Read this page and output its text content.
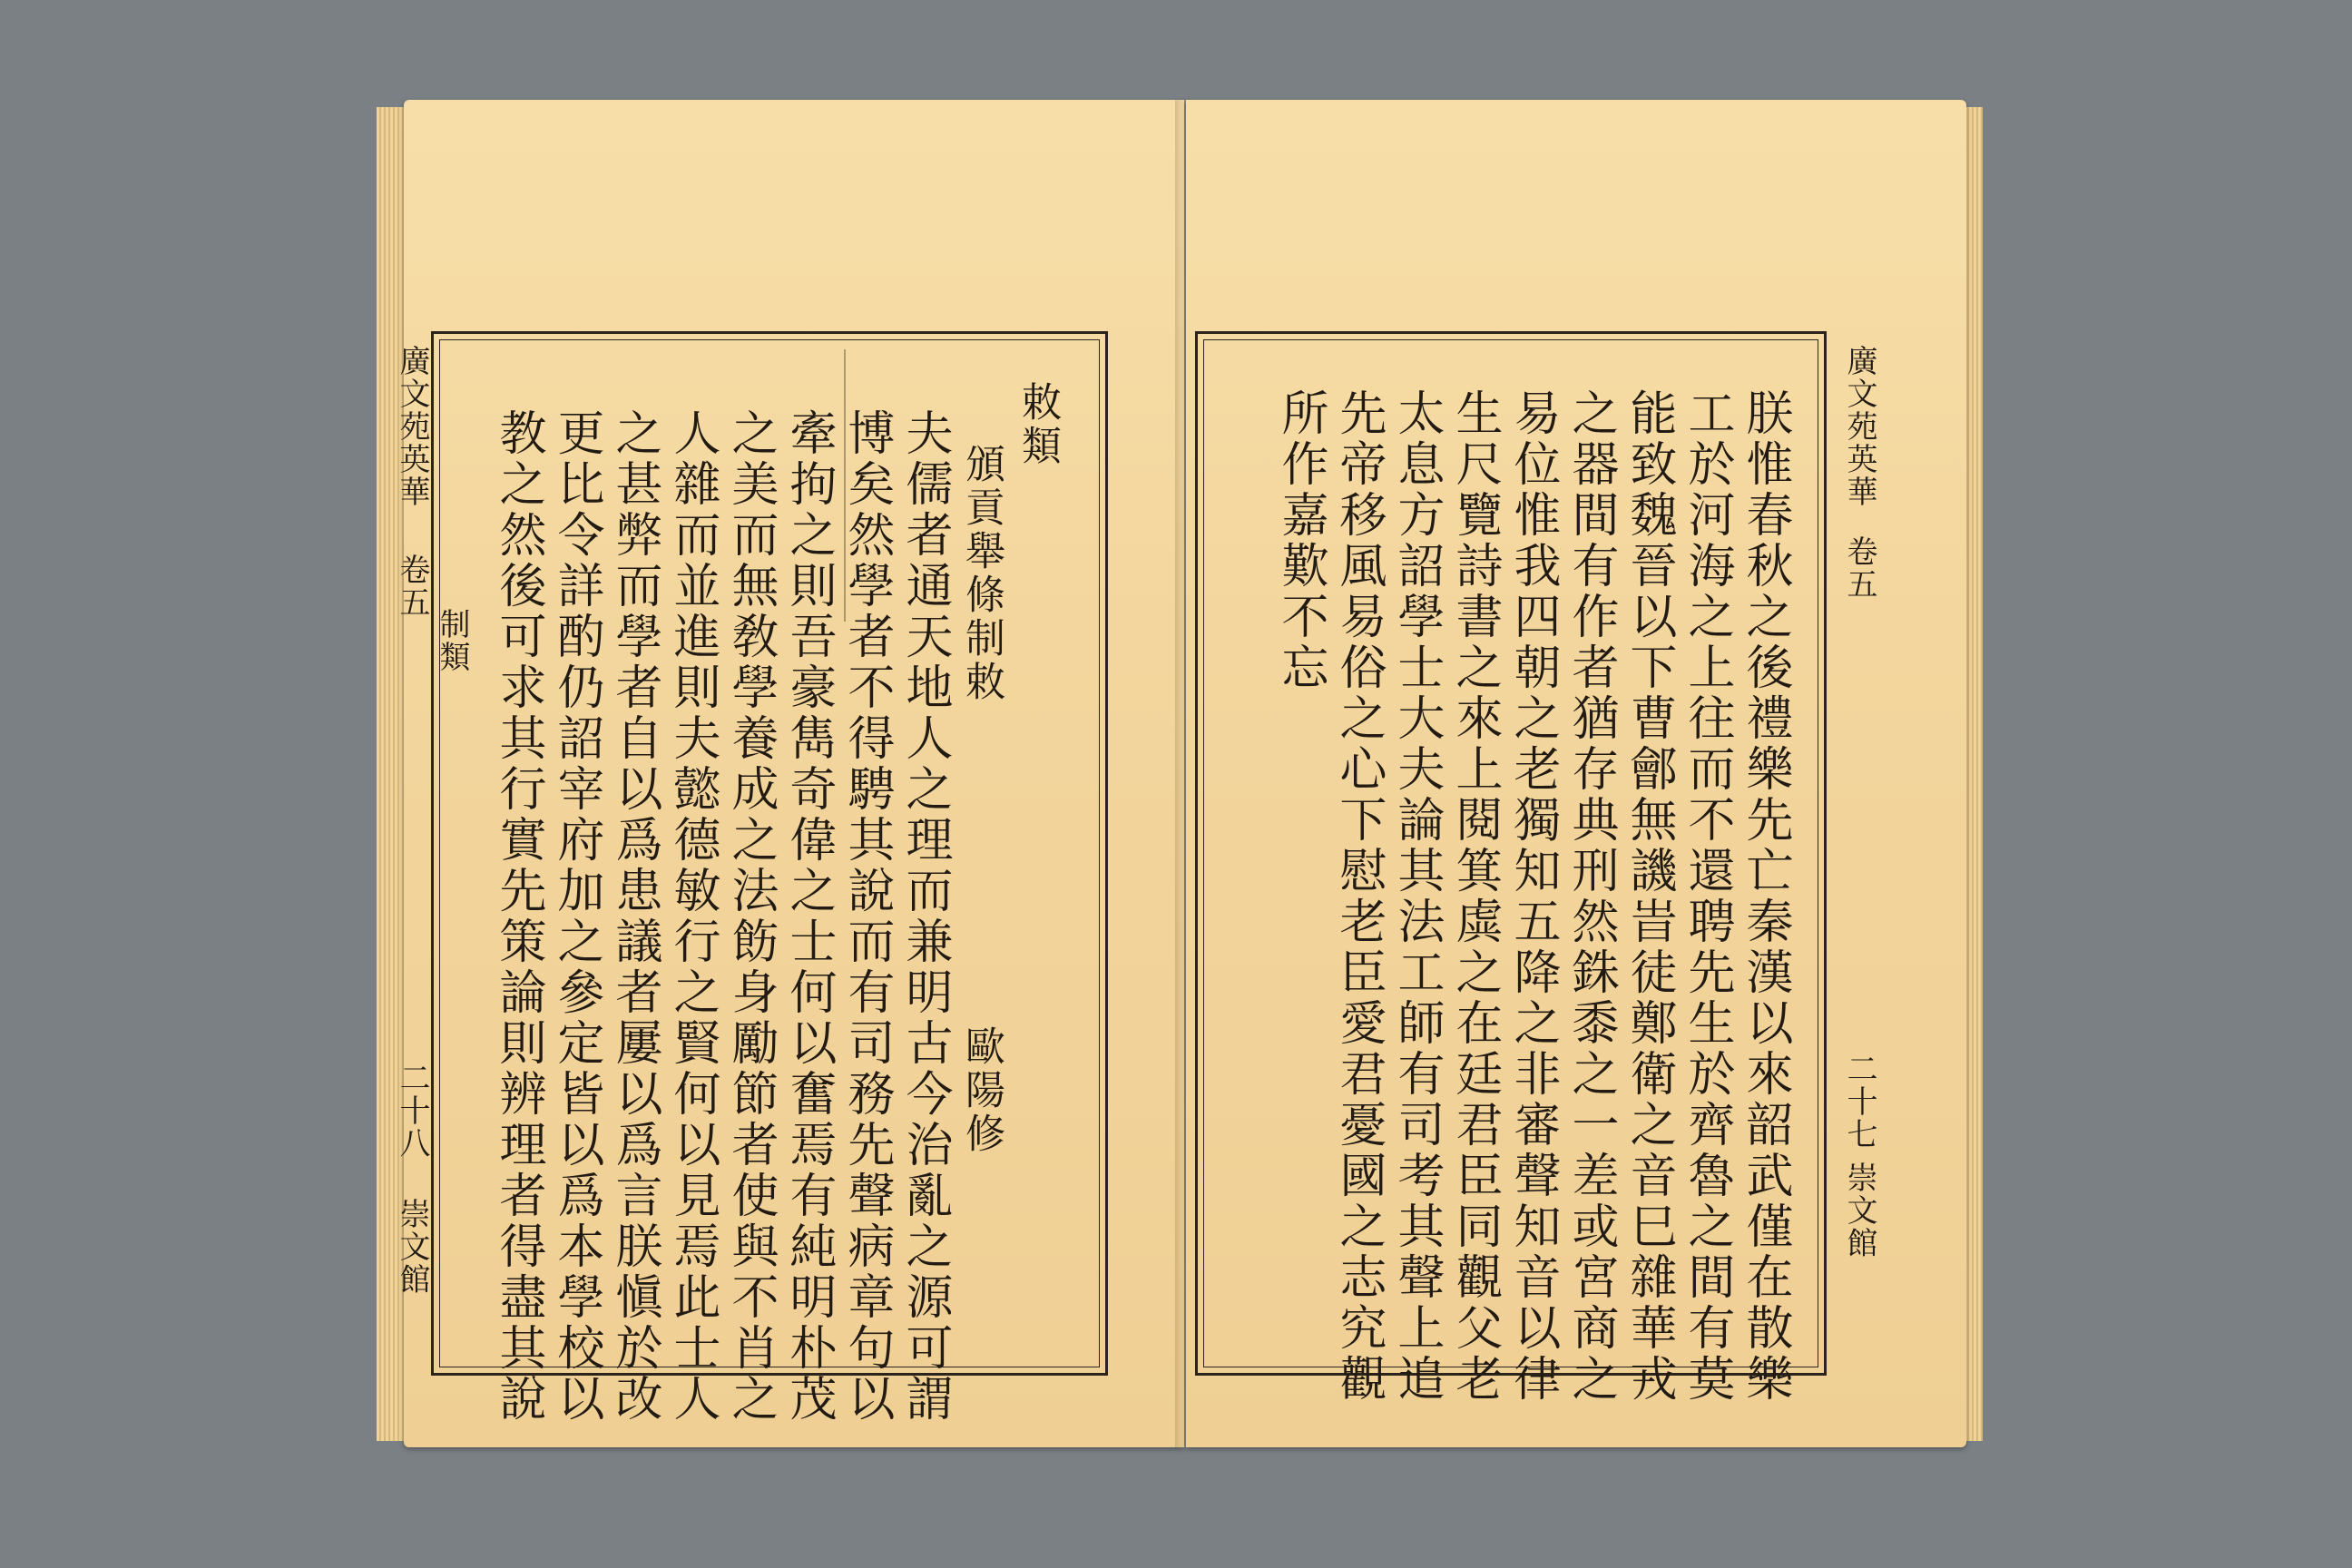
廣文苑英華
卷五
制類
二十八
崇文館
敕類
頒貢舉條制敕
歐陽修
夫儒者通天地人之理而兼明古今治亂之源可謂
博矣然學者不得騁其說而有司務先聲病章句以
牽拘之則吾豪雋奇偉之士何以奮焉有純明朴茂
之美而無敎學養成之法飭身勵節者使與不肖之
人雜而並進則夫懿德敏行之賢何以見焉此士人
之甚弊而學者自以爲患議者屢以爲言朕愼於改
更比令詳酌仍詔宰府加之參定皆以爲本學校以
教之然後可求其行實先策論則辨理者得盡其說	朕惟春秋之後禮樂先亡秦漢以來韶武僅在散樂
工於河海之上往而不還聘先生於齊魯之間有莫
能致魏晉以下曹鄶無譏旹徒鄭衛之音巳雜華戎
之器間有作者猶存典刑然銖黍之一差或宮商之
易位惟我四朝之老獨知五降之非審聲知音以律
生尺覽詩書之來上閱箕虡之在廷君臣同觀父老
太息方詔學士大夫論其法工師有司考其聲上追
先帝移風易俗之心下慰老臣愛君憂國之志究觀
所作嘉歎不忘	廣文苑英華
卷五
二十七
崇文館
